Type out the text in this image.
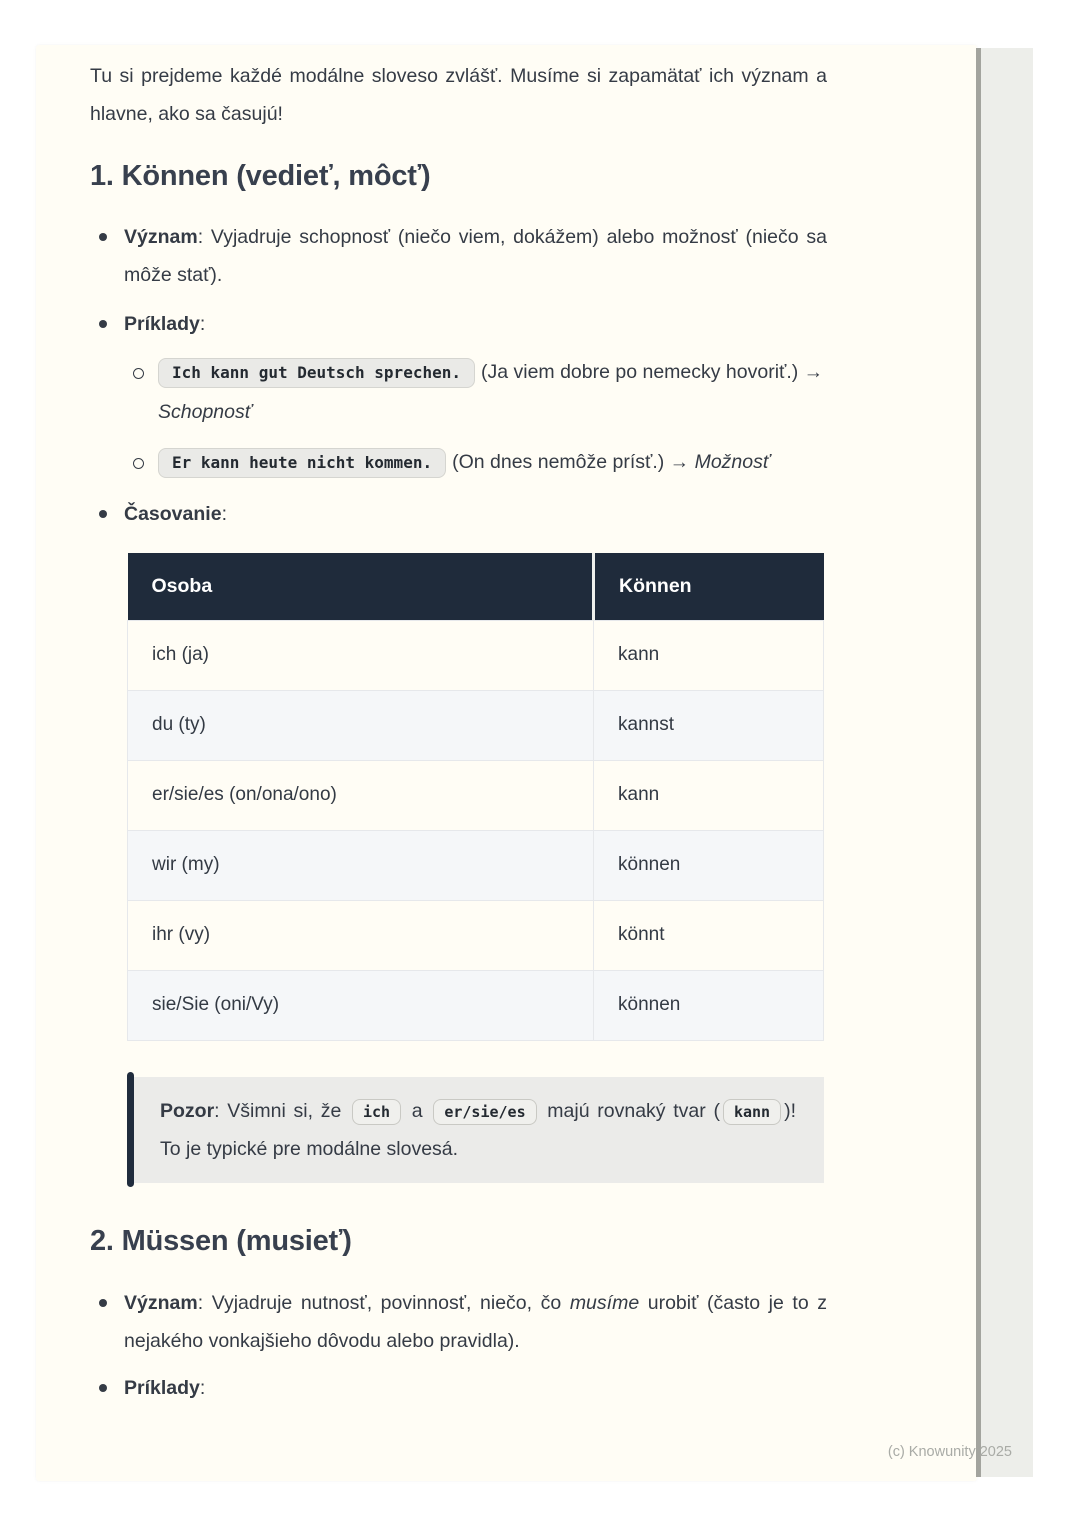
Tu si prejdeme každé modálne sloveso zvlášť. Musíme si zapamätať ich význam a hlavne, ako sa časujú!

1. Können (vedieť, môcť)
Význam: Vyjadruje schopnosť (niečo viem, dokážem) alebo možnosť (niečo sa môže stať).
Príklady:
Ich kann gut Deutsch sprechen. (Ja viem dobre po nemecky hovoriť.) → Schopnosť
Er kann heute nicht kommen. (On dnes nemôže prísť.) → Možnosť
Časovanie:
Osoba	Können
ich (ja)	kann
du (ty)	kannst
er/sie/es (on/ona/ono)	kann
wir (my)	können
ihr (vy)	könnt
sie/Sie (oni/Vy)	können
Pozor: Všimni si, že ich a er/sie/es majú rovnaký tvar ( kann )! To je typické pre modálne slovesá.
2. Müssen (musieť)
Význam: Vyjadruje nutnosť, povinnosť, niečo, čo musíme urobiť (často je to z nejakého vonkajšieho dôvodu alebo pravidla).
Príklady:
(c) Knowunity 2025
